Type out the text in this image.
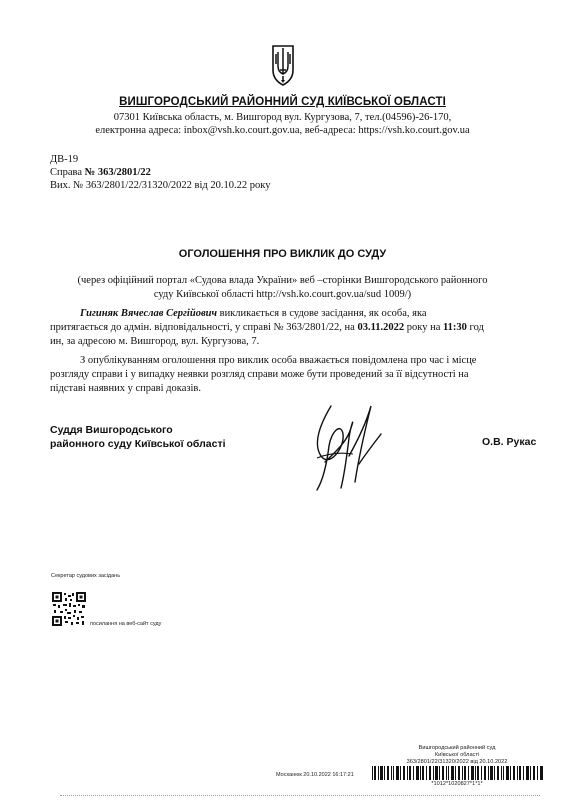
ВИШГОРОДСЬКИЙ РАЙОННИЙ СУД КИЇВСЬКОЇ ОБЛАСТІ
07301 Київська область, м. Вишгород вул. Кургузова, 7, тел.(04596)-26-170,
електронна адреса: inbox@vsh.ko.court.gov.ua, веб-адреса: https://vsh.ko.court.gov.ua
ДВ-19
Справа № 363/2801/22
Вих. № 363/2801/22/31320/2022 від 20.10.22 року
ОГОЛОШЕННЯ ПРО ВИКЛИК ДО СУДУ
(через офіційний портал «Судова влада України» веб –сторінки Вишгородського районного
суду Київської області http://vsh.ko.court.gov.ua/sud 1009/)
Гигиняк Вячеслав Сергійович викликається в судове засідання, як особа, яка
притягається до адмін. відповідальності, у справі № 363/2801/22, на 03.11.2022 року на 11:30 год
ин, за адресою м. Вишгород, вул. Кургузова, 7.
З опублікуванням оголошення про виклик особа вважається повідомлена про час і місце
розгляду справи і у випадку неявки розгляд справи може бути проведений за її відсутності на
підставі наявних у справі доказів.
Суддя Вишгородського
районного суду Київської області	О.В. Рукас
Секретар судових засідань
посилання на веб-сайт суду
Вишгородський районний суд
Київської області
363/2801/22/31320/2022 від 20.10.2022
Мосханюк 20.10.2022 16:17:21
*1012*1020827*1*1*
